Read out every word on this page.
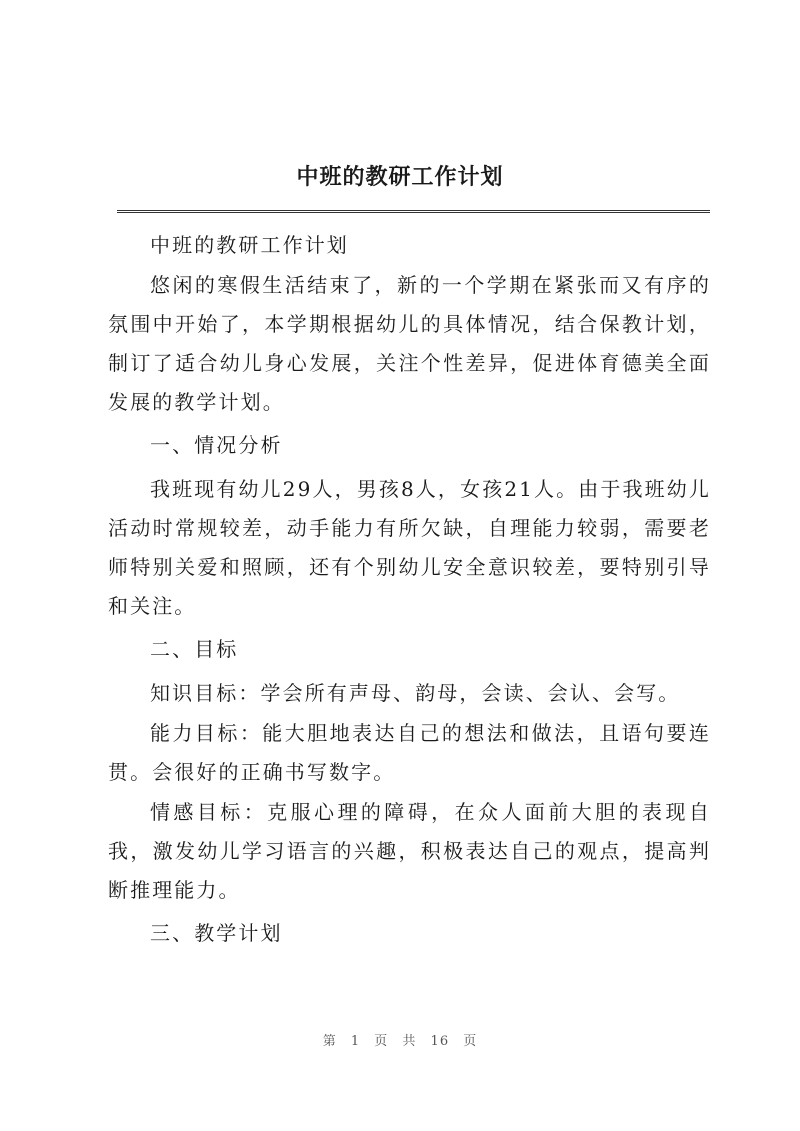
中班的教研工作计划

中班的教研工作计划

悠闲的寒假生活结束了，新的一个学期在紧张而又有序的氛围中开始了，本学期根据幼儿的具体情况，结合保教计划，制订了适合幼儿身心发展，关注个性差异，促进体育德美全面发展的教学计划。

一、情况分析

我班现有幼儿29人，男孩8人，女孩21人。由于我班幼儿活动时常规较差，动手能力有所欠缺，自理能力较弱，需要老师特别关爱和照顾，还有个别幼儿安全意识较差，要特别引导和关注。

二、目标

知识目标：学会所有声母、韵母，会读、会认、会写。

能力目标：能大胆地表达自己的想法和做法，且语句要连贯。会很好的正确书写数字。

情感目标：克服心理的障碍，在众人面前大胆的表现自我，激发幼儿学习语言的兴趣，积极表达自己的观点，提高判断推理能力。

三、教学计划

第 1 页 共 16 页
